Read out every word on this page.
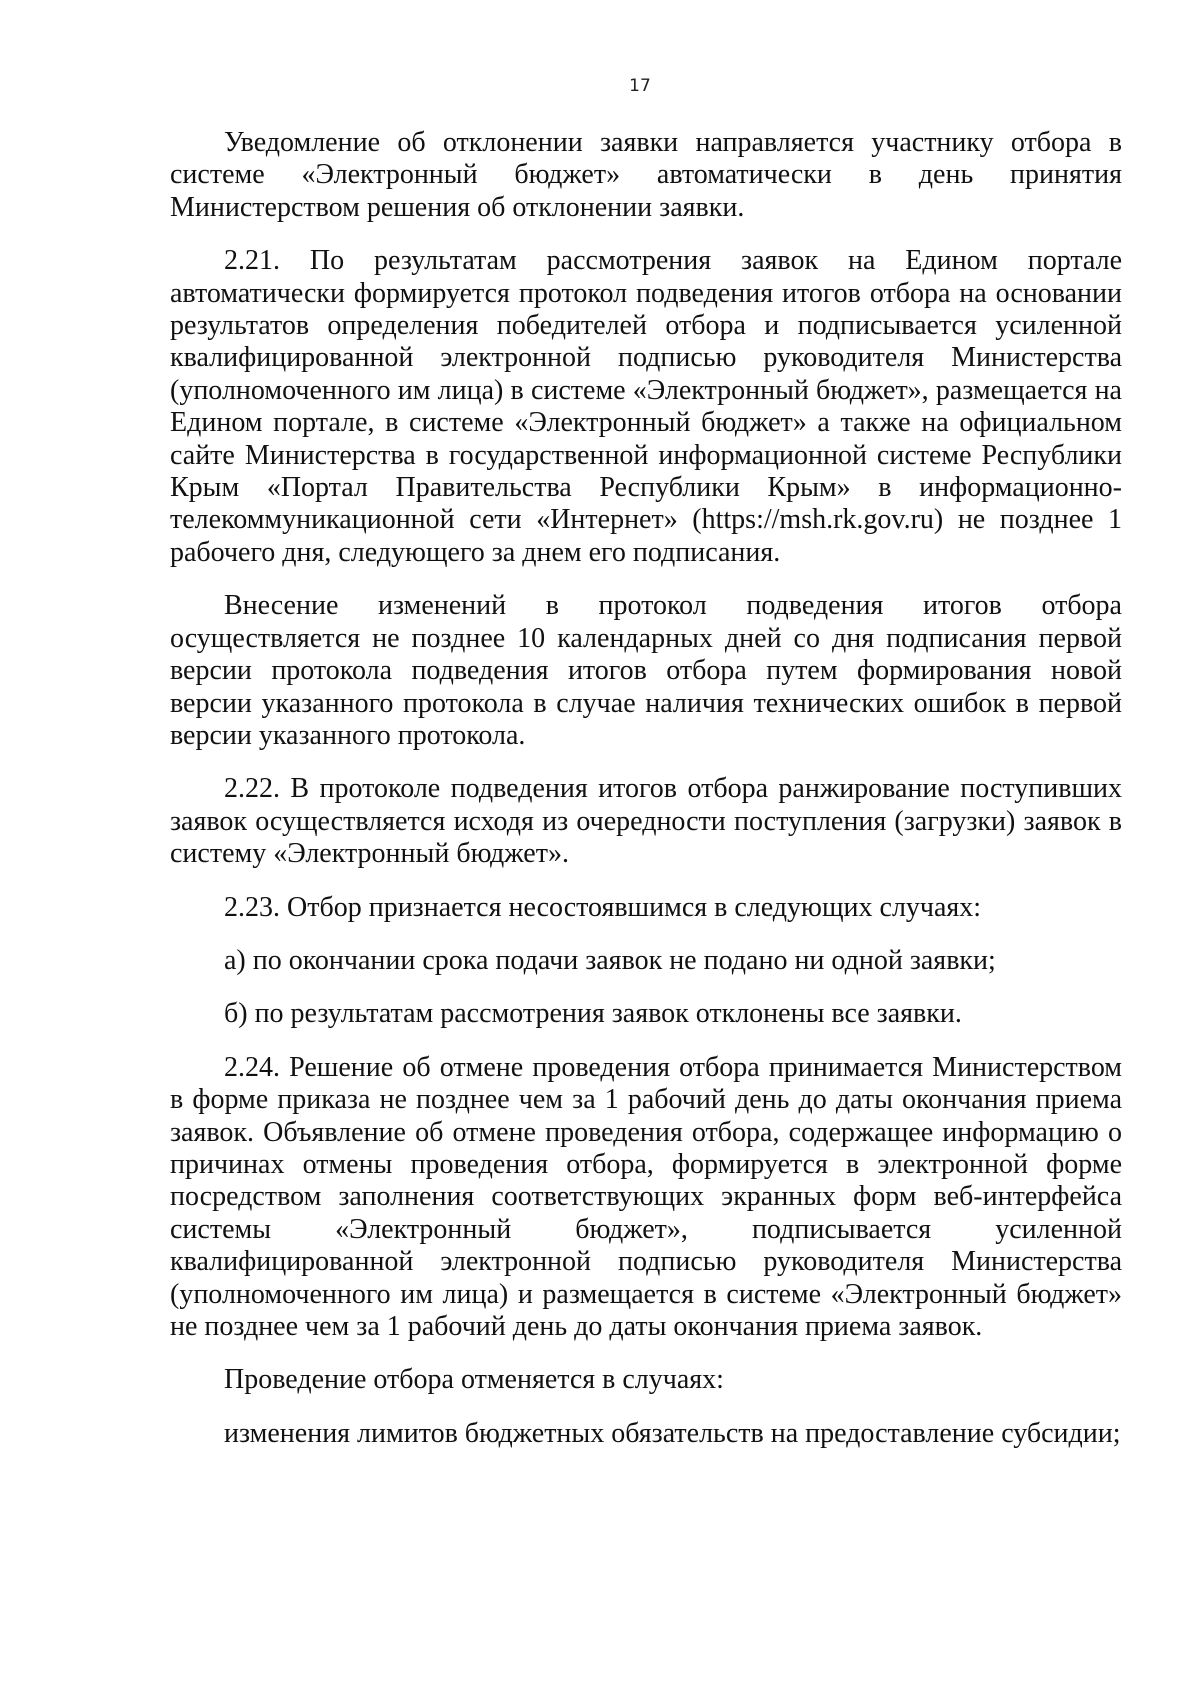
17

Уведомление об отклонении заявки направляется участнику отбора в системе «Электронный бюджет» автоматически в день принятия Министерством решения об отклонении заявки.

2.21. По результатам рассмотрения заявок на Едином портале автоматически формируется протокол подведения итогов отбора на основании результатов определения победителей отбора и подписывается усиленной квалифицированной электронной подписью руководителя Министерства (уполномоченного им лица) в системе «Электронный бюджет», размещается на Едином портале, в системе «Электронный бюджет» а также на официальном сайте Министерства в государственной информационной системе Республики Крым «Портал Правительства Республики Крым» в информационно-телекоммуникационной сети «Интернет» (https://msh.rk.gov.ru) не позднее 1 рабочего дня, следующего за днем его подписания.

Внесение изменений в протокол подведения итогов отбора осуществляется не позднее 10 календарных дней со дня подписания первой версии протокола подведения итогов отбора путем формирования новой версии указанного протокола в случае наличия технических ошибок в первой версии указанного протокола.

2.22. В протоколе подведения итогов отбора ранжирование поступивших заявок осуществляется исходя из очередности поступления (загрузки) заявок в систему «Электронный бюджет».

2.23. Отбор признается несостоявшимся в следующих случаях:

а) по окончании срока подачи заявок не подано ни одной заявки;

б) по результатам рассмотрения заявок отклонены все заявки.

2.24. Решение об отмене проведения отбора принимается Министерством в форме приказа не позднее чем за 1 рабочий день до даты окончания приема заявок. Объявление об отмене проведения отбора, содержащее информацию о причинах отмены проведения отбора, формируется в электронной форме посредством заполнения соответствующих экранных форм веб-интерфейса системы «Электронный бюджет», подписывается усиленной квалифицированной электронной подписью руководителя Министерства (уполномоченного им лица) и размещается в системе «Электронный бюджет» не позднее чем за 1 рабочий день до даты окончания приема заявок.

Проведение отбора отменяется в случаях:

изменения лимитов бюджетных обязательств на предоставление субсидии;
